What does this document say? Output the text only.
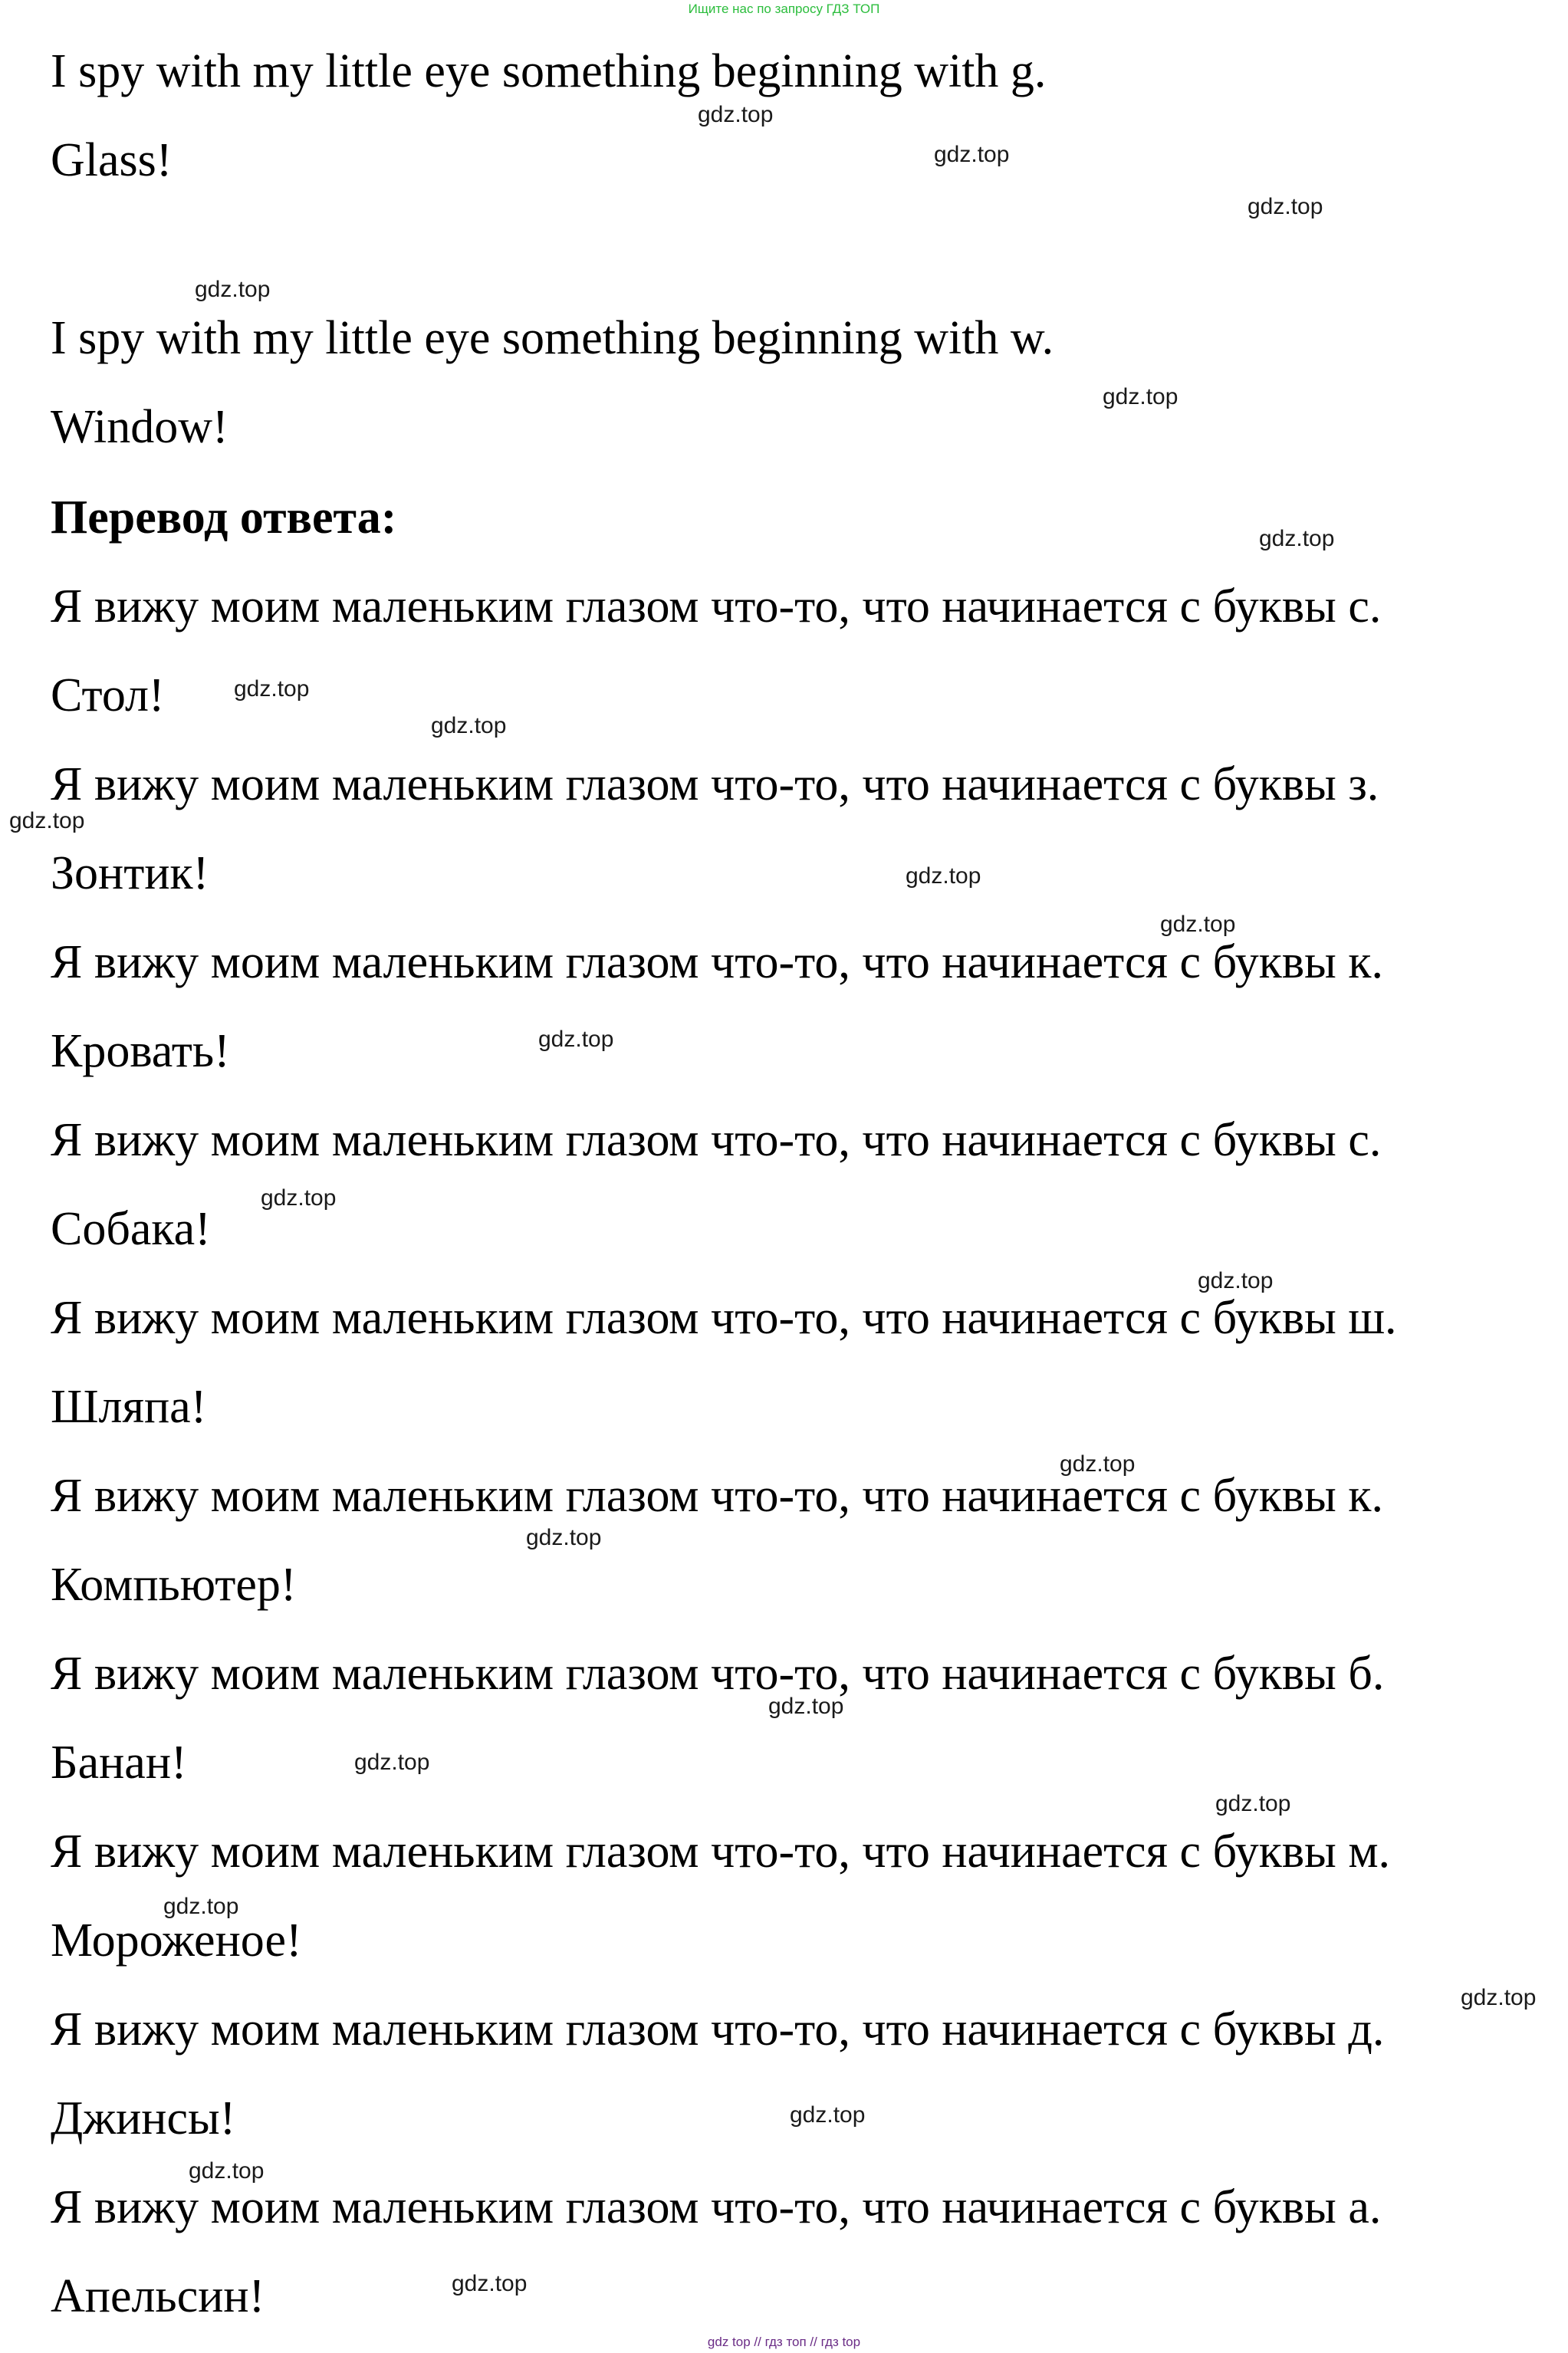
Ищите нас по запросу ГДЗ ТОП
I spy with my little eye something beginning with g.
Glass!
I spy with my little eye something beginning with w.
Window!
Перевод ответа:
Я вижу моим маленьким глазом что-то, что начинается с буквы с.
Стол!
Я вижу моим маленьким глазом что-то, что начинается с буквы з.
Зонтик!
Я вижу моим маленьким глазом что-то, что начинается с буквы к.
Кровать!
Я вижу моим маленьким глазом что-то, что начинается с буквы с.
Собака!
Я вижу моим маленьким глазом что-то, что начинается с буквы ш.
Шляпа!
Я вижу моим маленьким глазом что-то, что начинается с буквы к.
Компьютер!
Я вижу моим маленьким глазом что-то, что начинается с буквы б.
Банан!
Я вижу моим маленьким глазом что-то, что начинается с буквы м.
Мороженое!
Я вижу моим маленьким глазом что-то, что начинается с буквы д.
Джинсы!
Я вижу моим маленьким глазом что-то, что начинается с буквы а.
Апельсин!
gdz.top
gdz.top
gdz.top
gdz.top
gdz.top
gdz.top
gdz.top
gdz.top
gdz.top
gdz.top
gdz.top
gdz.top
gdz.top
gdz.top
gdz.top
gdz.top
gdz.top
gdz.top
gdz.top
gdz.top
gdz.top
gdz.top
gdz.top
gdz.top
gdz top // гдз топ // гдз top
